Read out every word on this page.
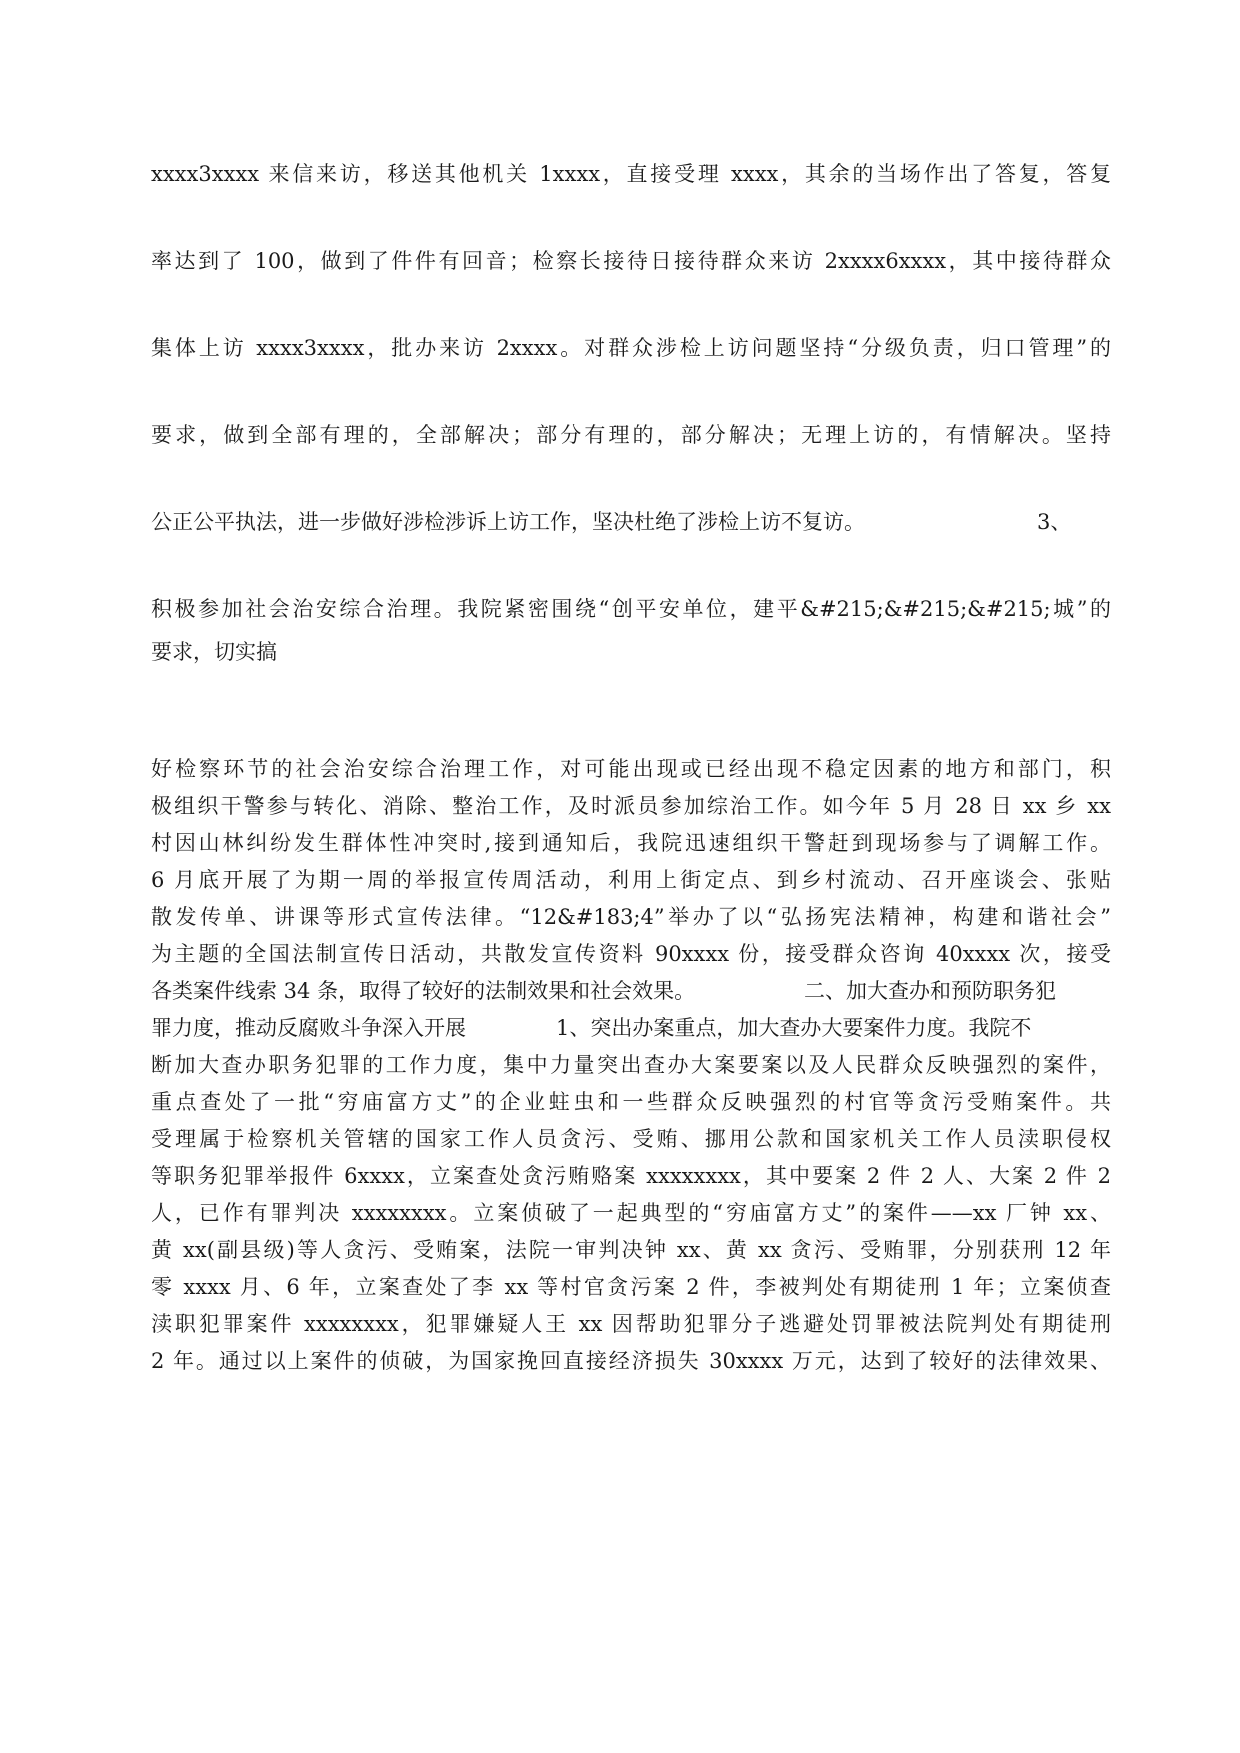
xxxx3xxxx 来信来访，移送其他机关 1xxxx，直接受理 xxxx，其余的当场作出了答复，答复
率达到了 100，做到了件件有回音；检察长接待日接待群众来访 2xxxx6xxxx，其中接待群众
集体上访 xxxx3xxxx，批办来访 2xxxx。对群众涉检上访问题坚持“分级负责，归口管理”的
要求，做到全部有理的，全部解决；部分有理的，部分解决；无理上访的，有情解决。坚持
公正公平执法，进一步做好涉检涉诉上访工作，坚决杜绝了涉检上访不复访。	3、
积极参加社会治安综合治理。我院紧密围绕“创平安单位，建平&#215;&#215;&#215;城”的
要求，切实搞
好检察环节的社会治安综合治理工作，对可能出现或已经出现不稳定因素的地方和部门，积
极组织干警参与转化、消除、整治工作，及时派员参加综治工作。如今年 5 月 28 日 xx 乡 xx
村因山林纠纷发生群体性冲突时,接到通知后，我院迅速组织干警赶到现场参与了调解工作。
6 月底开展了为期一周的举报宣传周活动，利用上街定点、到乡村流动、召开座谈会、张贴
散发传单、讲课等形式宣传法律。“12&#183;4”举办了以“弘扬宪法精神，构建和谐社会”
为主题的全国法制宣传日活动，共散发宣传资料 90xxxx 份，接受群众咨询 40xxxx 次，接受
各类案件线索 34 条，取得了较好的法制效果和社会效果。	二、加大查办和预防职务犯
罪力度，推动反腐败斗争深入开展	1、突出办案重点，加大查办大要案件力度。我院不
断加大查办职务犯罪的工作力度，集中力量突出查办大案要案以及人民群众反映强烈的案件，
重点查处了一批“穷庙富方丈”的企业蛀虫和一些群众反映强烈的村官等贪污受贿案件。共
受理属于检察机关管辖的国家工作人员贪污、受贿、挪用公款和国家机关工作人员渎职侵权
等职务犯罪举报件 6xxxx，立案查处贪污贿赂案 xxxxxxxx，其中要案 2 件 2 人、大案 2 件 2
人，已作有罪判决 xxxxxxxx。立案侦破了一起典型的“穷庙富方丈”的案件——xx 厂钟 xx、
黄 xx(副县级)等人贪污、受贿案，法院一审判决钟 xx、黄 xx 贪污、受贿罪，分别获刑 12 年
零 xxxx 月、6 年，立案查处了李 xx 等村官贪污案 2 件，李被判处有期徒刑 1 年；立案侦查
渎职犯罪案件 xxxxxxxx，犯罪嫌疑人王 xx 因帮助犯罪分子逃避处罚罪被法院判处有期徒刑
2 年。通过以上案件的侦破，为国家挽回直接经济损失 30xxxx 万元，达到了较好的法律效果、
